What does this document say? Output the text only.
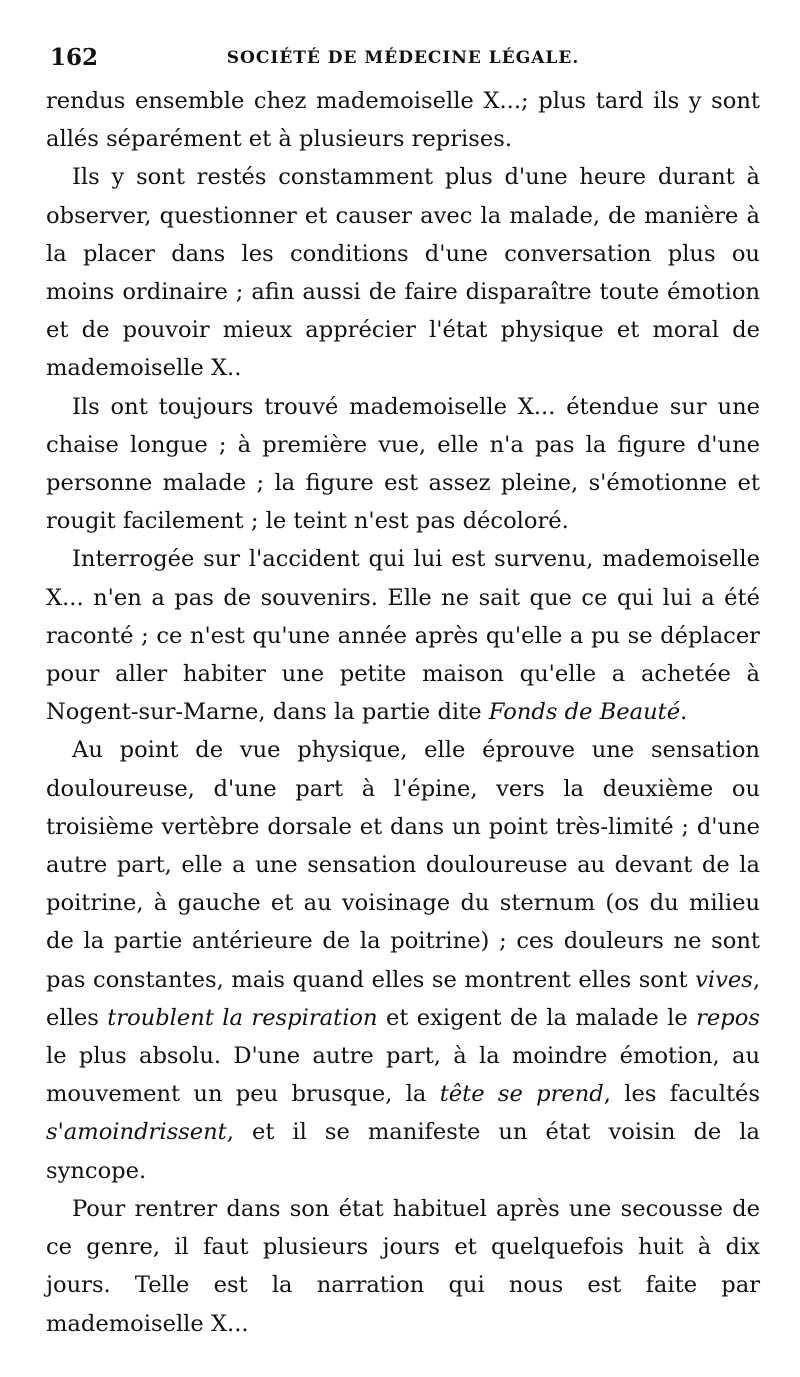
162	SOCIÉTÉ DE MÉDECINE LÉGALE.

rendus ensemble chez mademoiselle X...; plus tard ils y sont allés séparément et à plusieurs reprises.

Ils y sont restés constamment plus d'une heure durant à observer, questionner et causer avec la malade, de manière à la placer dans les conditions d'une conversation plus ou moins ordinaire ; afin aussi de faire disparaître toute émotion et de pouvoir mieux apprécier l'état physique et moral de mademoiselle X..

Ils ont toujours trouvé mademoiselle X... étendue sur une chaise longue ; à première vue, elle n'a pas la figure d'une personne malade ; la figure est assez pleine, s'émotionne et rougit facilement ; le teint n'est pas décoloré.

Interrogée sur l'accident qui lui est survenu, mademoiselle X... n'en a pas de souvenirs. Elle ne sait que ce qui lui a été raconté ; ce n'est qu'une année après qu'elle a pu se déplacer pour aller habiter une petite maison qu'elle a achetée à Nogent-sur-Marne, dans la partie dite Fonds de Beauté.

Au point de vue physique, elle éprouve une sensation douloureuse, d'une part à l'épine, vers la deuxième ou troisième vertèbre dorsale et dans un point très-limité ; d'une autre part, elle a une sensation douloureuse au devant de la poitrine, à gauche et au voisinage du sternum (os du milieu de la partie antérieure de la poitrine) ; ces douleurs ne sont pas constantes, mais quand elles se montrent elles sont vives, elles troublent la respiration et exigent de la malade le repos le plus absolu. D'une autre part, à la moindre émotion, au mouvement un peu brusque, la tête se prend, les facultés s'amoindrissent, et il se manifeste un état voisin de la syncope.

Pour rentrer dans son état habituel après une secousse de ce genre, il faut plusieurs jours et quelquefois huit à dix jours. Telle est la narration qui nous est faite par mademoiselle X...
